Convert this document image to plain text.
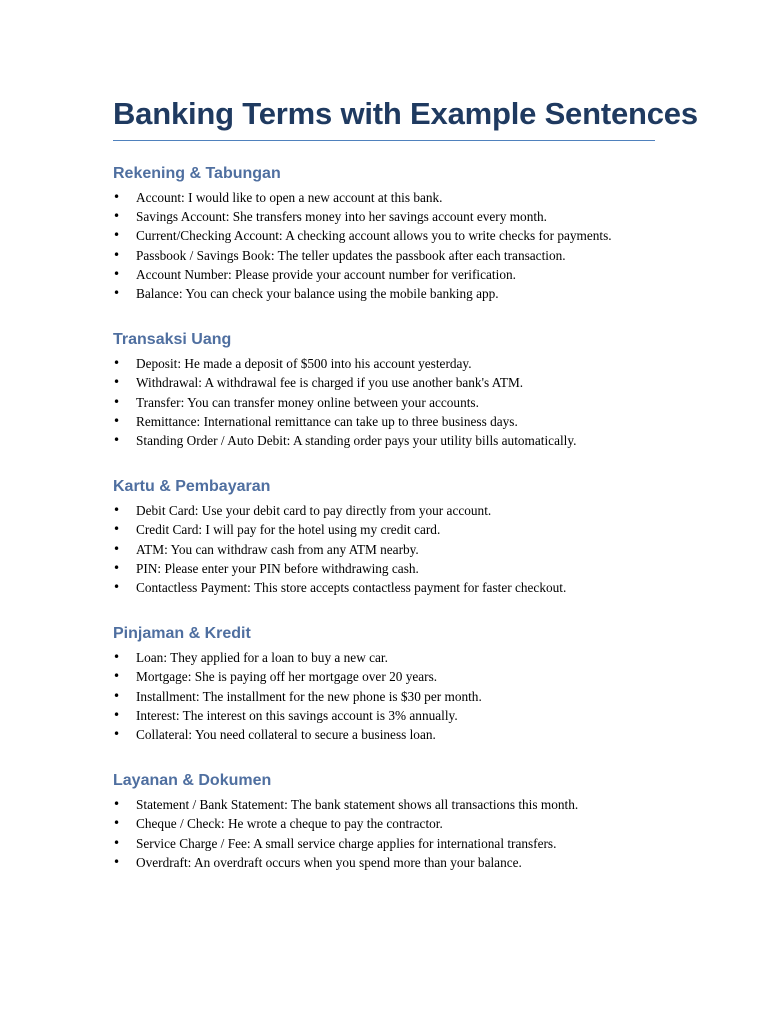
Banking Terms with Example Sentences
Rekening & Tabungan
• Account: I would like to open a new account at this bank.
• Savings Account: She transfers money into her savings account every month.
• Current/Checking Account: A checking account allows you to write checks for payments.
• Passbook / Savings Book: The teller updates the passbook after each transaction.
• Account Number: Please provide your account number for verification.
• Balance: You can check your balance using the mobile banking app.
Transaksi Uang
• Deposit: He made a deposit of $500 into his account yesterday.
• Withdrawal: A withdrawal fee is charged if you use another bank's ATM.
• Transfer: You can transfer money online between your accounts.
• Remittance: International remittance can take up to three business days.
• Standing Order / Auto Debit: A standing order pays your utility bills automatically.
Kartu & Pembayaran
• Debit Card: Use your debit card to pay directly from your account.
• Credit Card: I will pay for the hotel using my credit card.
• ATM: You can withdraw cash from any ATM nearby.
• PIN: Please enter your PIN before withdrawing cash.
• Contactless Payment: This store accepts contactless payment for faster checkout.
Pinjaman & Kredit
• Loan: They applied for a loan to buy a new car.
• Mortgage: She is paying off her mortgage over 20 years.
• Installment: The installment for the new phone is $30 per month.
• Interest: The interest on this savings account is 3% annually.
• Collateral: You need collateral to secure a business loan.
Layanan & Dokumen
• Statement / Bank Statement: The bank statement shows all transactions this month.
• Cheque / Check: He wrote a cheque to pay the contractor.
• Service Charge / Fee: A small service charge applies for international transfers.
• Overdraft: An overdraft occurs when you spend more than your balance.
